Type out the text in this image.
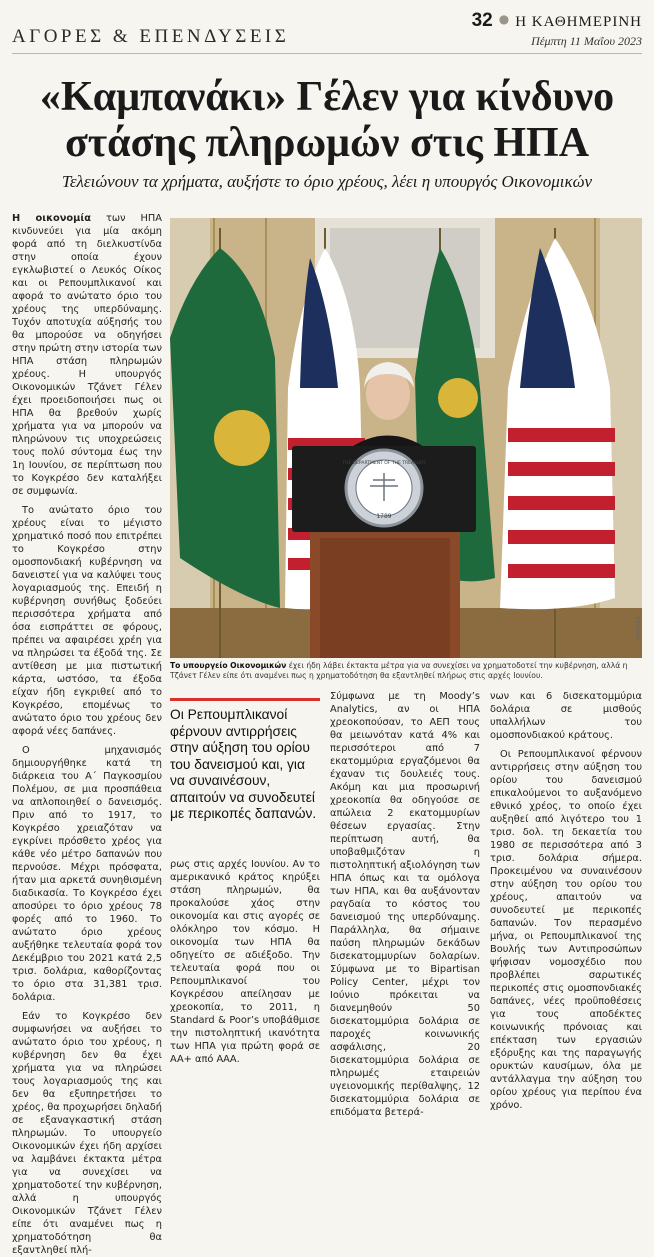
ΑΓΟΡΕΣ & ΕΠΕΝΔΥΣΕΙΣ
32 ● Η ΚΑΘΗΜΕΡΙΝΗ
Πέμπτη 11 Μαΐου 2023
«Καμπανάκι» Γέλεν για κίνδυνο
στάσης πληρωμών στις ΗΠΑ
Τελειώνουν τα χρήματα, αυξήστε το όριο χρέους, λέει η υπουργός Οικονομικών

Η οικονομία των ΗΠΑ κινδυνεύει για μία ακόμη φορά από τη διελκυστίνδα στην οποία έχουν εγκλωβιστεί ο Λευκός Οίκος και οι Ρεπουμπλικανοί και αφορά το ανώτατο όριο του χρέους της υπερδύναμης. Τυχόν αποτυχία αύξησής του θα μπορούσε να οδηγήσει στην πρώτη στην ιστορία των ΗΠΑ στάση πληρωμών χρέους. Η υπουργός Οικονομικών Τζάνετ Γέλεν έχει προειδοποιήσει πως οι ΗΠΑ θα βρεθούν χωρίς χρήματα για να μπορούν να πληρώνουν τις υποχρεώσεις τους πολύ σύντομα έως την 1η Ιουνίου, σε περίπτωση που το Κογκρέσο δεν καταλήξει σε συμφωνία.

Το ανώτατο όριο του χρέους είναι το μέγιστο χρηματικό ποσό που επιτρέπει το Κογκρέσο στην ομοσπονδιακή κυβέρνηση να δανειστεί για να καλύψει τους λογαριασμούς της. Επειδή η κυβέρνηση συνήθως ξοδεύει περισσότερα χρήματα από όσα εισπράττει σε φόρους, πρέπει να αφαιρέσει χρέη για να πληρώσει τα έξοδά της. Σε αντίθεση με μια πιστωτική κάρτα, ωστόσο, τα έξοδα είχαν ήδη εγκριθεί από το Κογκρέσο, επομένως το ανώτατο όριο του χρέους δεν αφορά νέες δαπάνες.

Ο μηχανισμός δημιουργήθηκε κατά τη διάρκεια του Α΄ Παγκοσμίου Πολέμου, σε μια προσπάθεια να απλοποιηθεί ο δανεισμός. Πριν από το 1917, το Κογκρέσο χρειαζόταν να εγκρίνει πρόσθετο χρέος για κάθε νέο μέτρο δαπανών που περνούσε. Μέχρι πρόσφατα, ήταν μια αρκετά συνηθισμένη διαδικασία. Το Κογκρέσο έχει αποσύρει το όριο χρέους 78 φορές από το 1960. Το ανώτατο όριο χρέους αυξήθηκε τελευταία φορά τον Δεκέμβριο του 2021 κατά 2,5 τρισ. δολάρια, καθορίζοντας το όριο στα 31,381 τρισ. δολάρια.

Εάν το Κογκρέσο δεν συμφωνήσει να αυξήσει το ανώτατο όριο του χρέους, η κυβέρνηση δεν θα έχει χρήματα για να πληρώσει τους λογαριασμούς της και δεν θα εξυπηρετήσει το χρέος, θα προχωρήσει δηλαδή σε εξαναγκαστική στάση πληρωμών. Το υπουργείο Οικονομικών έχει ήδη αρχίσει να λαμβάνει έκτακτα μέτρα για να συνεχίσει να χρηματοδοτεί την κυβέρνηση, αλλά η υπουργός Οικονομικών Τζάνετ Γέλεν είπε ότι αναμένει πως η χρηματοδότηση θα εξαντληθεί πλή-

THE DEPARTMENT OF THE TREASURY
1789
REUTERS
Το υπουργείο Οικονομικών έχει ήδη λάβει έκτακτα μέτρα για να συνεχίσει να χρηματοδοτεί την κυβέρνηση, αλλά η Τζάνετ Γέλεν είπε ότι αναμένει πως η χρηματοδότηση θα εξαντληθεί πλήρως στις αρχές Ιουνίου.
Οι Ρεπουμπλικανοί φέρνουν αντιρρήσεις στην αύξηση του ορίου του δανεισμού και, για να συναινέσουν, απαιτούν να συνοδευτεί με περικοπές δαπανών.

ρως στις αρχές Ιουνίου. Αν το αμερικανικό κράτος κηρύξει στάση πληρωμών, θα προκαλούσε χάος στην οικονομία και στις αγορές σε ολόκληρο τον κόσμο. Η οικονομία των ΗΠΑ θα οδηγείτο σε αδιέξοδο. Την τελευταία φορά που οι Ρεπουμπλικανοί του Κογκρέσου απείλησαν με χρεοκοπία, το 2011, η Standard & Poor’s υποβάθμισε την πιστοληπτική ικανότητα των ΗΠΑ για πρώτη φορά σε AA+ από ΑΑΑ.

Σύμφωνα με τη Moody’s Analytics, αν οι ΗΠΑ χρεοκοπούσαν, το ΑΕΠ τους θα μειωνόταν κατά 4% και περισσότεροι από 7 εκατομμύρια εργαζόμενοι θα έχαναν τις δουλειές τους. Ακόμη και μια προσωρινή χρεοκοπία θα οδηγούσε σε απώλεια 2 εκατομμυρίων θέσεων εργασίας. Στην περίπτωση αυτή, θα υποβαθμιζόταν η πιστοληπτική αξιολόγηση των ΗΠΑ όπως και τα ομόλογα των ΗΠΑ, και θα αυξάνονταν ραγδαία το κόστος του δανεισμού της υπερδύναμης. Παράλληλα, θα σήμαινε παύση πληρωμών δεκάδων δισεκατομμυρίων δολαρίων. Σύμφωνα με το Bipartisan Policy Center, μέχρι τον Ιούνιο πρόκειται να διανεμηθούν 50 δισεκατομμύρια δολάρια σε παροχές κοινωνικής ασφάλισης, 20 δισεκατομμύρια δολάρια σε πληρωμές εταιρειών υγειονομικής περίθαλψης, 12 δισεκατομμύρια δολάρια σε επιδόματα βετερά-

νων και 6 δισεκατομμύρια δολάρια σε μισθούς υπαλλήλων του ομοσπονδιακού κράτους.

Οι Ρεπουμπλικανοί φέρνουν αντιρρήσεις στην αύξηση του ορίου του δανεισμού επικαλούμενοι το αυξανόμενο εθνικό χρέος, το οποίο έχει αυξηθεί από λιγότερο του 1 τρισ. δολ. τη δεκαετία του 1980 σε περισσότερα από 3 τρισ. δολάρια σήμερα. Προκειμένου να συναινέσουν στην αύξηση του ορίου του χρέους, απαιτούν να συνοδευτεί με περικοπές δαπανών. Τον περασμένο μήνα, οι Ρεπουμπλικανοί της Βουλής των Αντιπροσώπων ψήφισαν νομοσχέδιο που προβλέπει σαρωτικές περικοπές στις ομοσπονδιακές δαπάνες, νέες προϋποθέσεις για τους αποδέκτες κοινωνικής πρόνοιας και επέκταση των εργασιών εξόρυξης και της παραγωγής ορυκτών καυσίμων, όλα με αντάλλαγμα την αύξηση του ορίου χρέους για περίπου ένα χρόνο.
